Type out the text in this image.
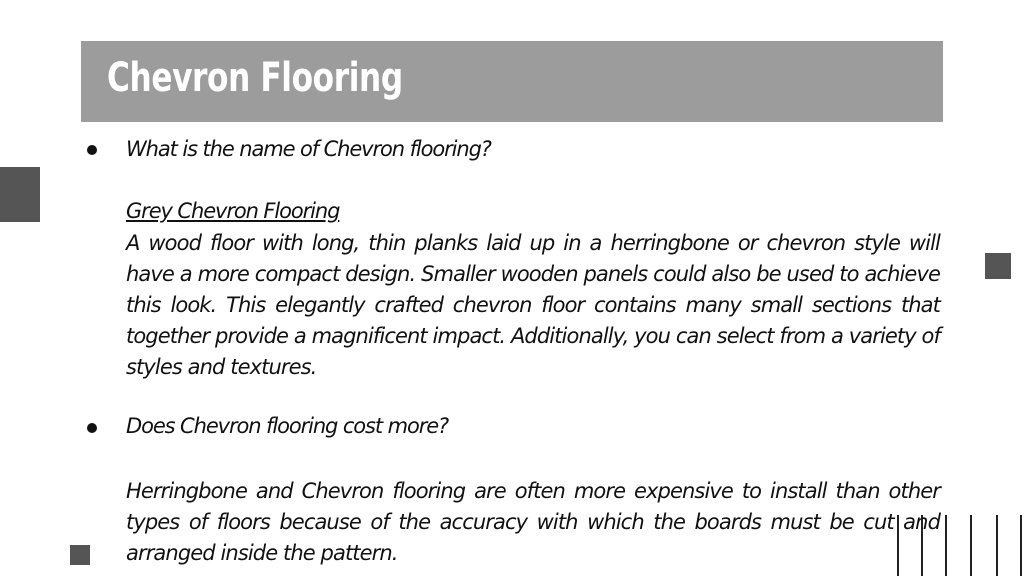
Chevron Flooring
What is the name of Chevron flooring?
Grey Chevron Flooring
A wood floor with long, thin planks laid up in a herringbone or chevron style will have a more compact design. Smaller wooden panels could also be used to achieve this look. This elegantly crafted chevron floor contains many small sections that together provide a magnificent impact. Additionally, you can select from a variety of styles and textures.
Does Chevron flooring cost more?
Herringbone and Chevron flooring are often more expensive to install than other types of floors because of the accuracy with which the boards must be cut and arranged inside the pattern.
